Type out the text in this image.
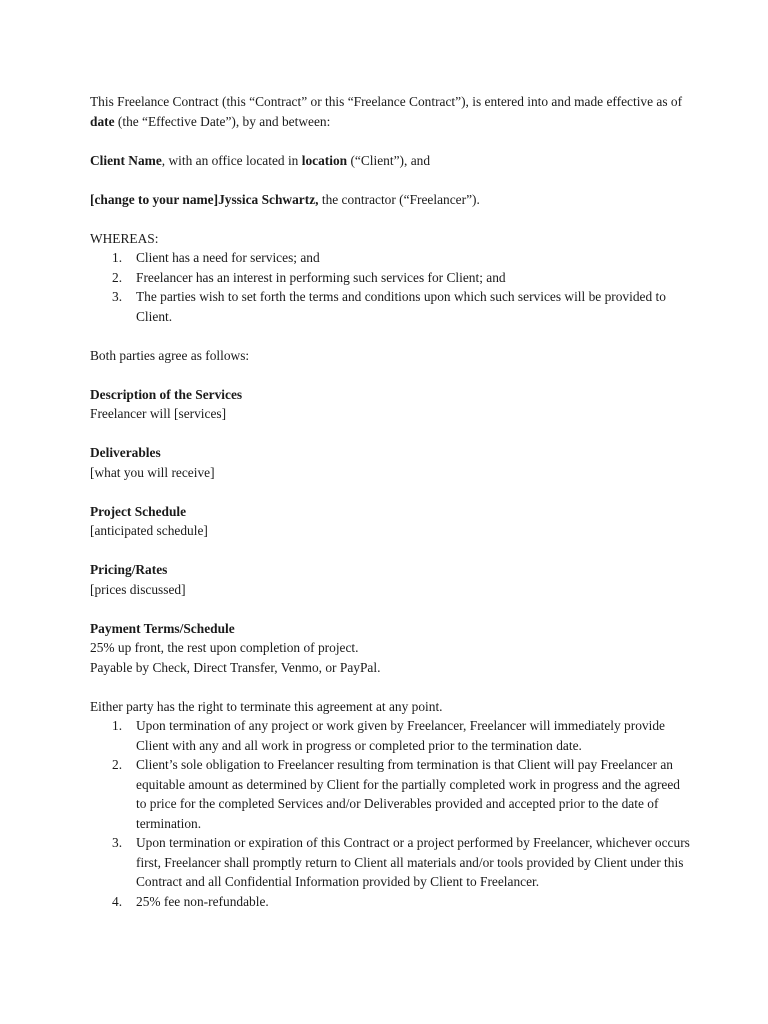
This Freelance Contract (this “Contract” or this “Freelance Contract”), is entered into and made effective as of date (the “Effective Date”), by and between:

Client Name, with an office located in location (“Client”), and

[change to your name]Jyssica Schwartz, the contractor (“Freelancer”).

WHEREAS:

1. Client has a need for services; and
2. Freelancer has an interest in performing such services for Client; and
3. The parties wish to set forth the terms and conditions upon which such services will be provided to Client.

Both parties agree as follows:

Description of the Services

Freelancer will [services]

Deliverables

[what you will receive]

Project Schedule

[anticipated schedule]

Pricing/Rates

[prices discussed]

Payment Terms/Schedule

25% up front, the rest upon completion of project.

Payable by Check, Direct Transfer, Venmo, or PayPal.

Either party has the right to terminate this agreement at any point.

1. Upon termination of any project or work given by Freelancer, Freelancer will immediately provide Client with any and all work in progress or completed prior to the termination date.
2. Client’s sole obligation to Freelancer resulting from termination is that Client will pay Freelancer an equitable amount as determined by Client for the partially completed work in progress and the agreed to price for the completed Services and/or Deliverables provided and accepted prior to the date of termination.
3. Upon termination or expiration of this Contract or a project performed by Freelancer, whichever occurs first, Freelancer shall promptly return to Client all materials and/or tools provided by Client under this Contract and all Confidential Information provided by Client to Freelancer.
4. 25% fee non-refundable.
